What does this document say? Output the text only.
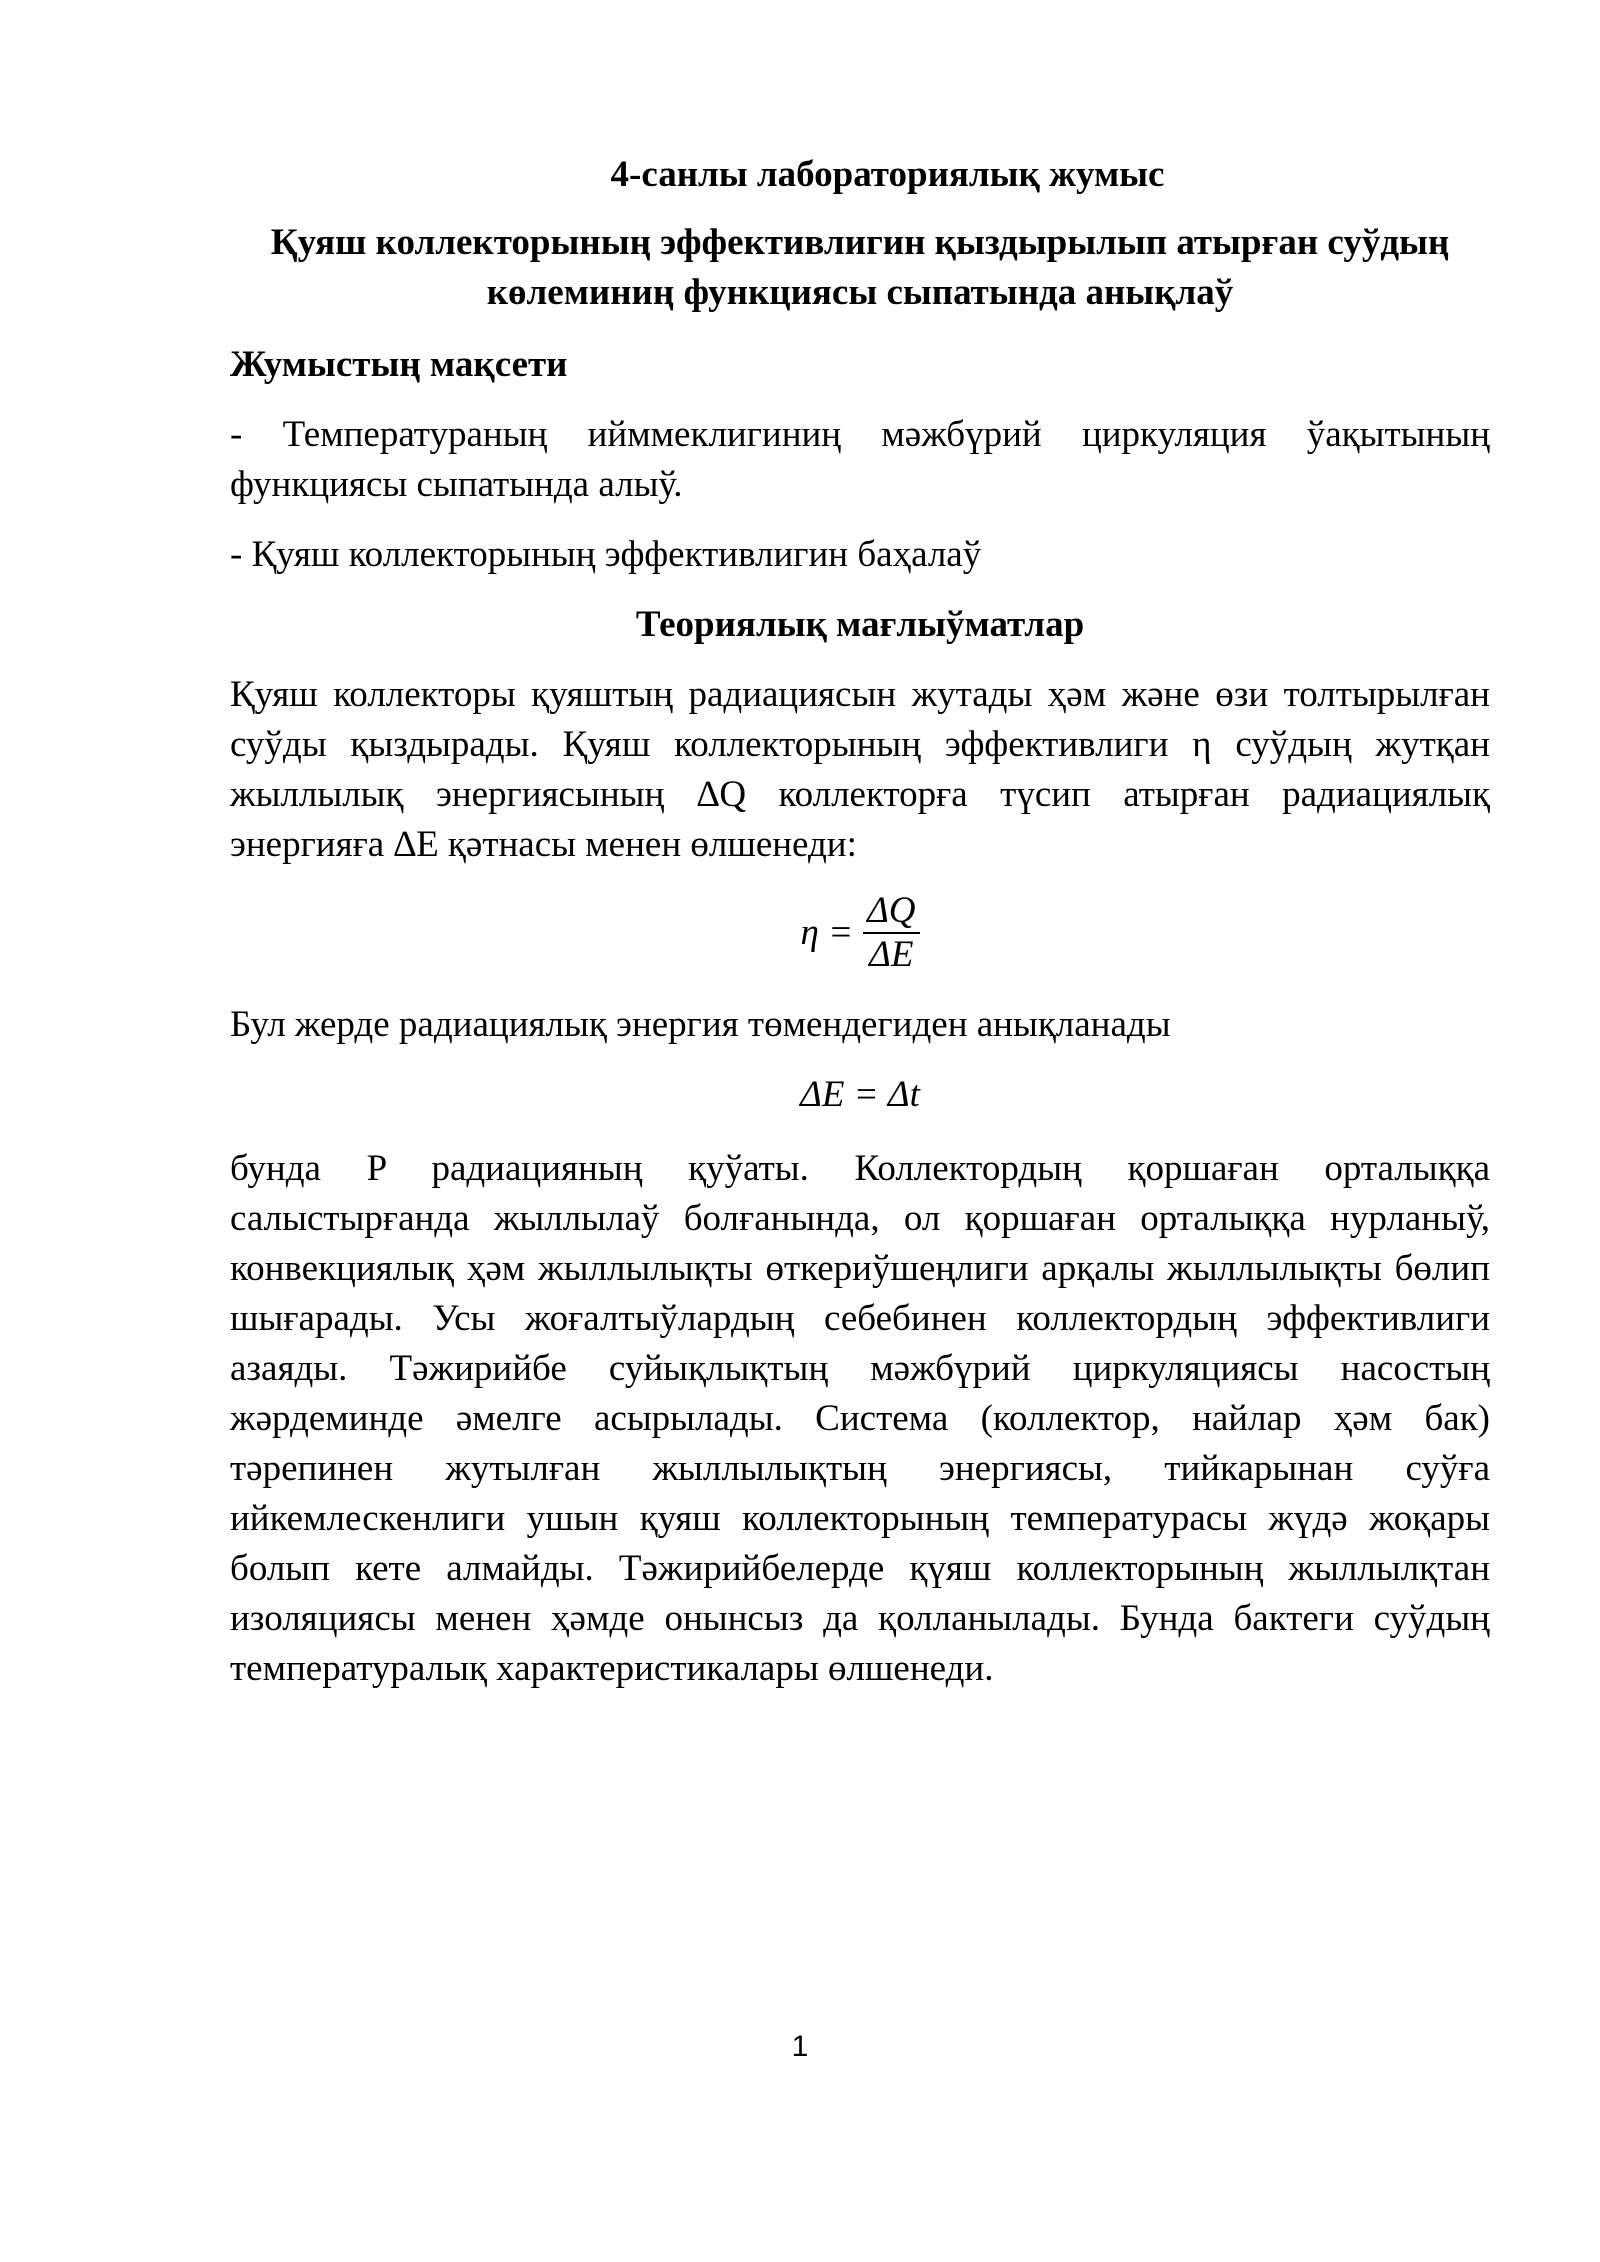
4-санлы лабораториялық жумыс
Қуяш коллекторының эффективлигин қыздырылып атырған суўдың көлеминиң функциясы сыпатында анықлаў
Жумыстың мақсети

- Температураның ийммеклигиниң мәжбүрий циркуляция ўақытының функциясы сыпатында алыў.

- Қуяш коллекторының эффективлигин баҳалаў

Теориялық мағлыўматлар

Қуяш коллекторы қуяштың радиациясын жутады ҳәм және өзи толтырылған суўды қыздырады. Қуяш коллекторының эффективлиги η суўдың жутқан жыллылық энергиясының ∆Q коллекторға түсип атырған радиациялық энергияға ∆E қәтнасы менен өлшенеди:

$\eta = \frac{\Delta Q}{\Delta E}$

Бул жерде радиациялық энергия төмендегиден анықланады

ΔE = Δt

бунда P радиацияның қуўаты. Коллектордың қоршаған орталыққа салыстырғанда жыллылаў болғанында, ол қоршаған орталыққа нурланыў, конвекциялық ҳәм жыллылықты өткериўшеңлиги арқалы жыллылықты бөлип шығарады. Усы жоғалтыўлардың себебинен коллектордың эффективлиги азаяды. Тәжирийбе суйықлықтың мәжбүрий циркуляциясы насостың жәрдеминде әмелге асырылады. Система (коллектор, найлар ҳәм бак) тәрепинен жутылған жыллылықтың энергиясы, тийкарынан суўға ийкемлескенлиги ушын қуяш коллекторының температурасы жүдә жоқары болып кете алмайды. Тәжирийбелерде қүяш коллекторының жыллылқтан изоляциясы менен ҳәмде онынсыз да қолланылады. Бунда бактеги суўдың температуралық характеристикалары өлшенеди.

1
